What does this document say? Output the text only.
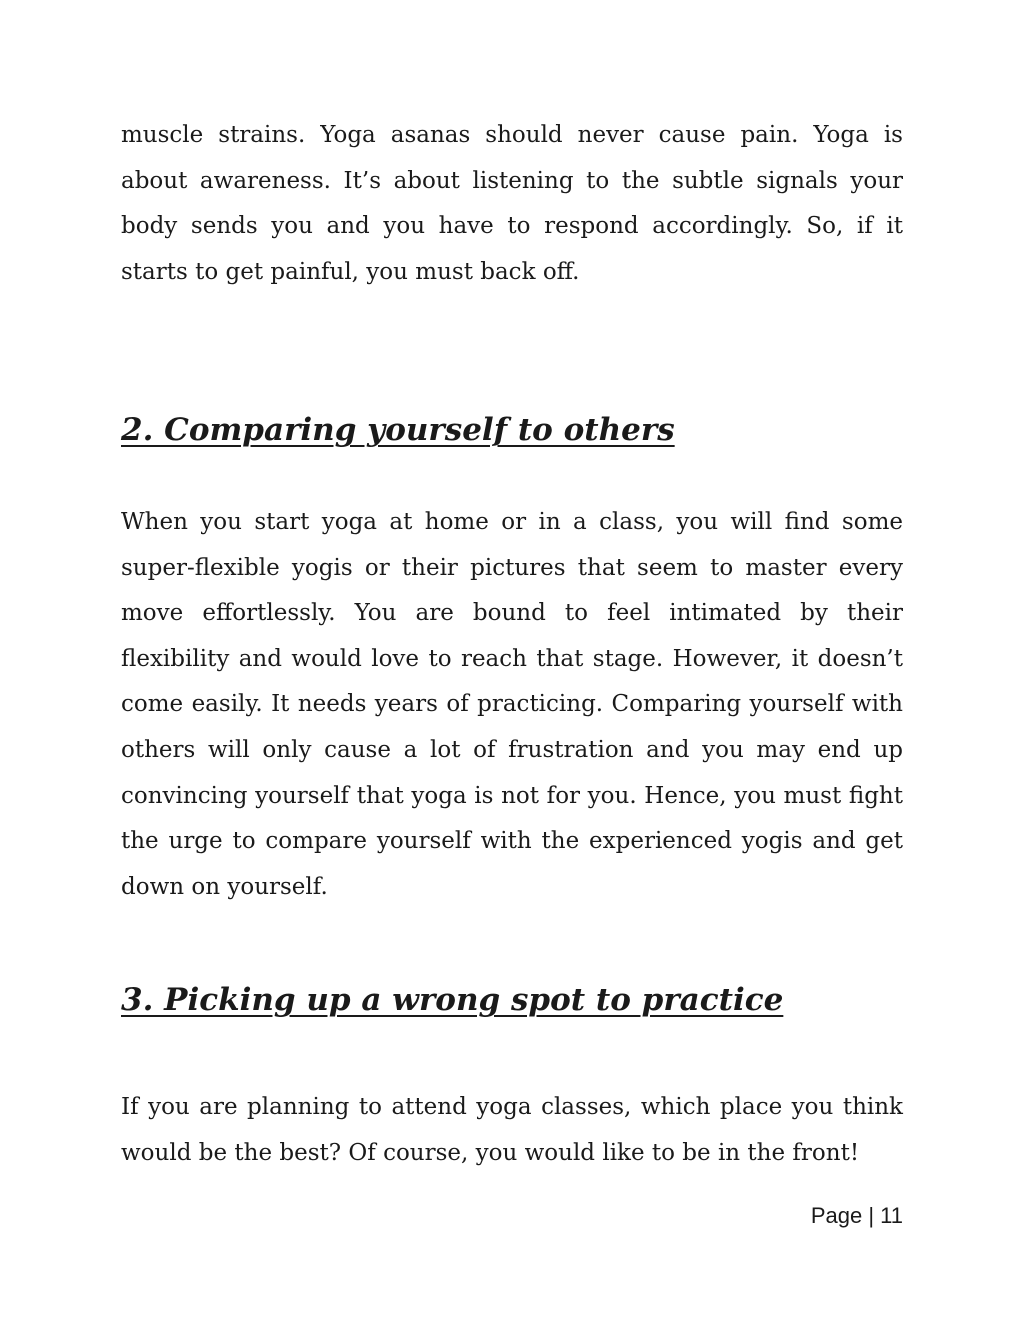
muscle strains. Yoga asanas should never cause pain. Yoga is about awareness. It’s about listening to the subtle signals your body sends you and you have to respond accordingly. So, if it starts to get painful, you must back off.

2. Comparing yourself to others

When you start yoga at home or in a class, you will find some super-flexible yogis or their pictures that seem to master every move effortlessly. You are bound to feel intimated by their flexibility and would love to reach that stage. However, it doesn’t come easily. It needs years of practicing. Comparing yourself with others will only cause a lot of frustration and you may end up convincing yourself that yoga is not for you. Hence, you must fight the urge to compare yourself with the experienced yogis and get down on yourself.

3. Picking up a wrong spot to practice

If you are planning to attend yoga classes, which place you think would be the best? Of course, you would like to be in the front!

Page | 11
